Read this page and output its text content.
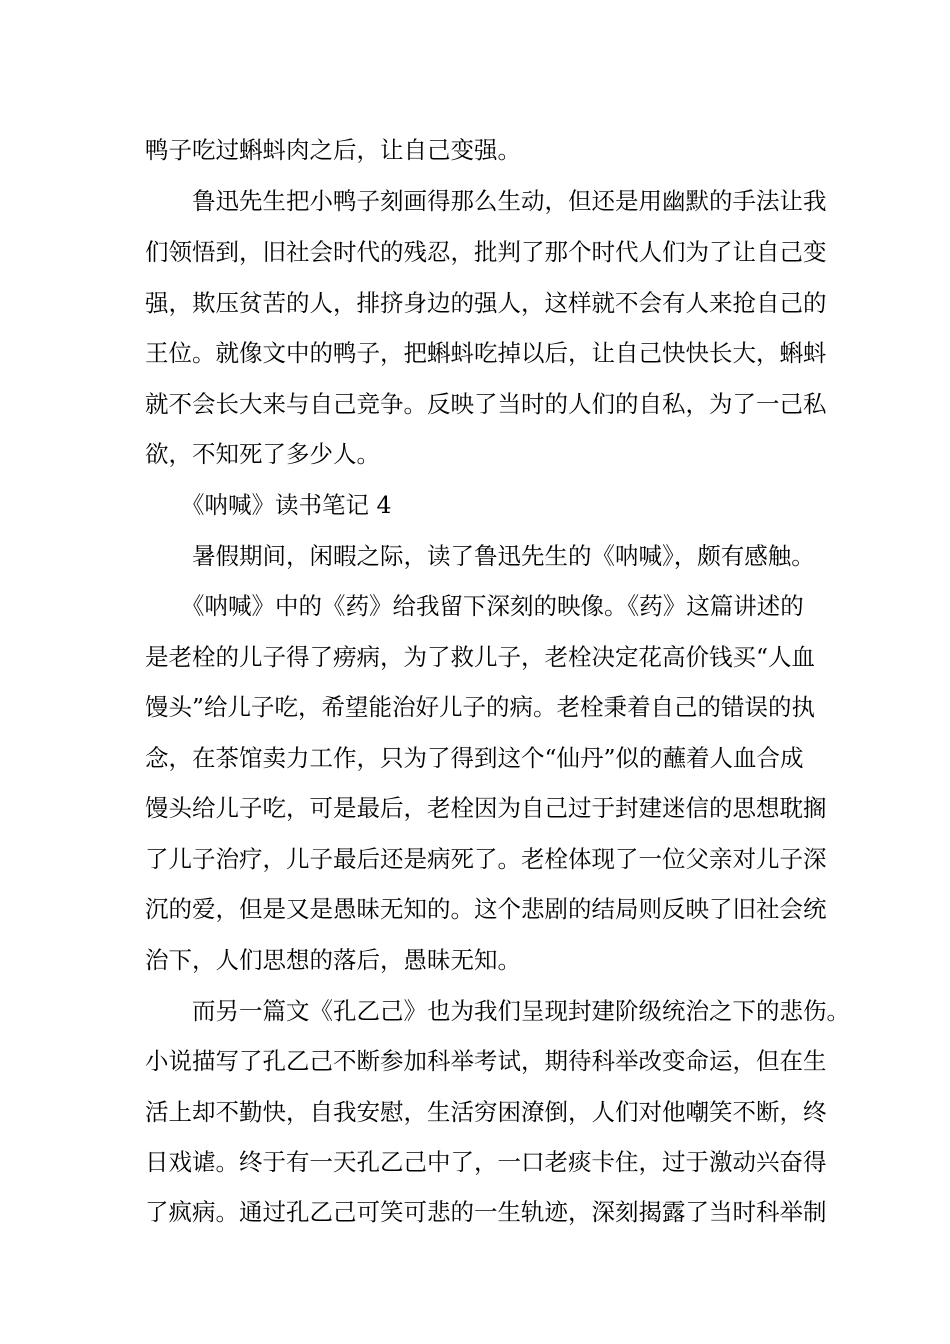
鸭子吃过蝌蚪肉之后，让自己变强。
鲁迅先生把小鸭子刻画得那么生动，但还是用幽默的手法让我
们领悟到，旧社会时代的残忍，批判了那个时代人们为了让自己变
强，欺压贫苦的人，排挤身边的强人，这样就不会有人来抢自己的
王位。就像文中的鸭子，把蝌蚪吃掉以后，让自己快快长大，蝌蚪
就不会长大来与自己竞争。反映了当时的人们的自私，为了一己私
欲，不知死了多少人。
《呐喊》读书笔记 4
暑假期间，闲暇之际，读了鲁迅先生的《呐喊》，颇有感触。
《呐喊》中的《药》给我留下深刻的映像。《药》这篇讲述的
是老栓的儿子得了痨病，为了救儿子，老栓决定花高价钱买“人血
馒头”给儿子吃，希望能治好儿子的病。老栓秉着自己的错误的执
念，在茶馆卖力工作，只为了得到这个“仙丹”似的蘸着人血合成
馒头给儿子吃，可是最后，老栓因为自己过于封建迷信的思想耽搁
了儿子治疗，儿子最后还是病死了。老栓体现了一位父亲对儿子深
沉的爱，但是又是愚昧无知的。这个悲剧的结局则反映了旧社会统
治下，人们思想的落后，愚昧无知。
而另一篇文《孔乙己》也为我们呈现封建阶级统治之下的悲伤。
小说描写了孔乙己不断参加科举考试，期待科举改变命运，但在生
活上却不勤快，自我安慰，生活穷困潦倒，人们对他嘲笑不断，终
日戏谑。终于有一天孔乙己中了，一口老痰卡住，过于激动兴奋得
了疯病。通过孔乙己可笑可悲的一生轨迹，深刻揭露了当时科举制
